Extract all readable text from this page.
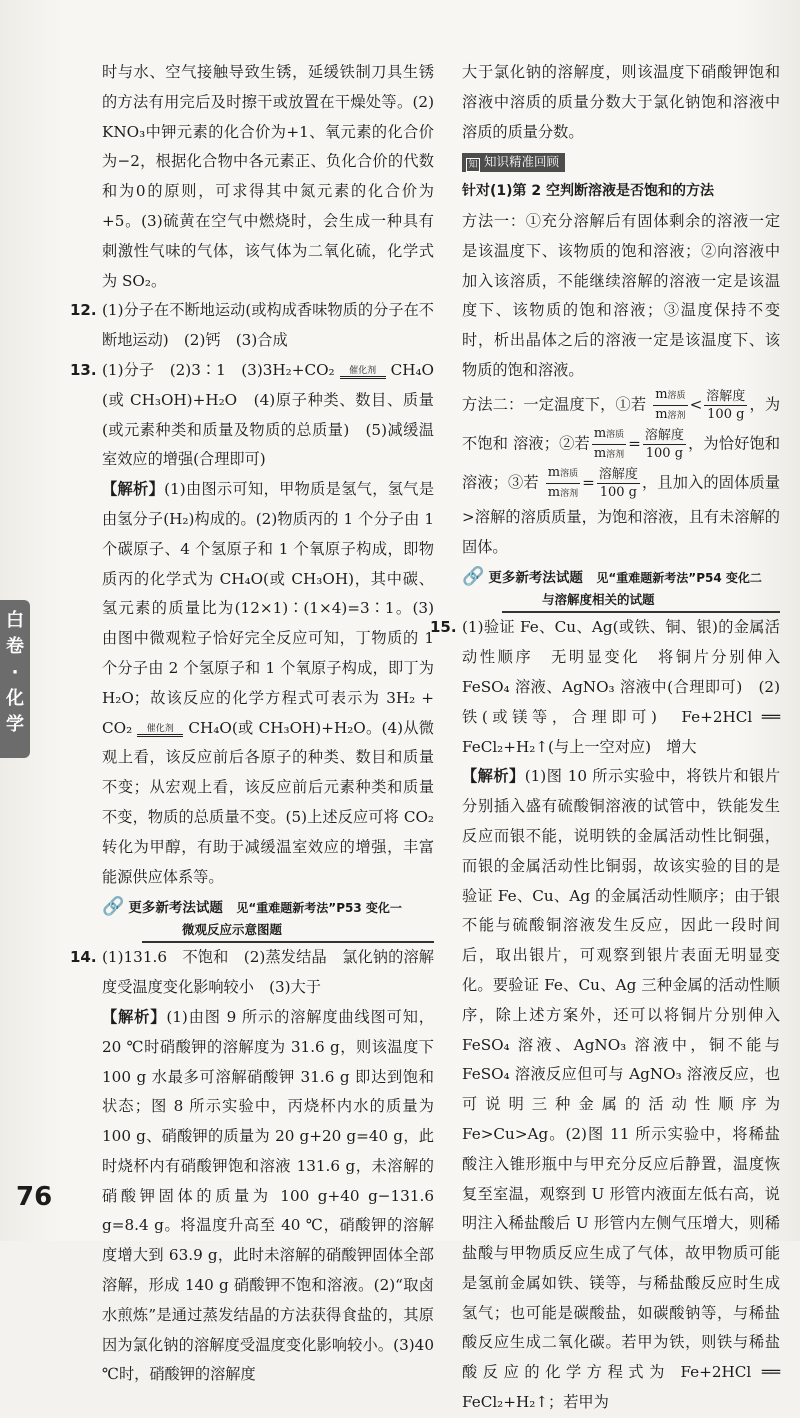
时与水、空气接触导致生锈，延缓铁制刀具生锈的方法有用完后及时擦干或放置在干燥处等。(2) KNO₃中钾元素的化合价为+1、氧元素的化合价为−2，根据化合物中各元素正、负化合价的代数和为0的原则，可求得其中氮元素的化合价为+5。(3)硫黄在空气中燃烧时，会生成一种具有刺激性气味的气体，该气体为二氧化硫，化学式为 SO₂。

12. (1)分子在不断地运动(或构成香味物质的分子在不断地运动)　(2)钙　(3)合成

13. (1)分子　(2)3∶1　(3)3H₂+CO₂	催化剂 CH₄O (或 CH₃OH)+H₂O　(4)原子种类、数目、质量(或元素种类和质量及物质的总质量)　(5)减缓温室效应的增强(合理即可)

【解析】(1)由图示可知，甲物质是氢气，氢气是由氢分子(H₂)构成的。(2)物质丙的 1 个分子由 1 个碳原子、4 个氢原子和 1 个氧原子构成，即物质丙的化学式为 CH₄O(或 CH₃OH)，其中碳、氢元素的质量比为(12×1)∶(1×4)=3∶1。(3)由图中微观粒子恰好完全反应可知，丁物质的 1 个分子由 2 个氢原子和 1 个氧原子构成，即丁为 H₂O；故该反应的化学方程式可表示为 3H₂ + CO₂	催化剂 CH₄O(或 CH₃OH)+H₂O。(4)从微观上看，该反应前后各原子的种类、数目和质量不变；从宏观上看，该反应前后元素种类和质量不变，物质的总质量不变。(5)上述反应可将 CO₂ 转化为甲醇，有助于减缓温室效应的增强，丰富能源供应体系等。

🔗 更多新考法试题　 见“重难题新考法”P53 变化一
微观反应示意图题
14. (1)131.6　不饱和　(2)蒸发结晶　氯化钠的溶解度受温度变化影响较小　(3)大于

【解析】(1)由图 9 所示的溶解度曲线图可知，20 ℃时硝酸钾的溶解度为 31.6 g，则该温度下 100 g 水最多可溶解硝酸钾 31.6 g 即达到饱和状态；图 8 所示实验中，丙烧杯内水的质量为 100 g、硝酸钾的质量为 20 g+20 g=40 g，此时烧杯内有硝酸钾饱和溶液 131.6 g，未溶解的硝酸钾固体的质量为 100 g+40 g−131.6 g=8.4 g。将温度升高至 40 ℃，硝酸钾的溶解度增大到 63.9 g，此时未溶解的硝酸钾固体全部溶解，形成 140 g 硝酸钾不饱和溶液。(2)“取卤水煎炼”是通过蒸发结晶的方法获得食盐的，其原因为氯化钠的溶解度受温度变化影响较小。(3)40 ℃时，硝酸钾的溶解度

大于氯化钠的溶解度，则该温度下硝酸钾饱和溶液中溶质的质量分数大于氯化钠饱和溶液中溶质的质量分数。

知 知识精准回顾

针对(1)第 2 空判断溶液是否饱和的方法

方法一：①充分溶解后有固体剩余的溶液一定是该温度下、该物质的饱和溶液；②向溶液中加入该溶质，不能继续溶解的溶液一定是该温度下、该物质的饱和溶液；③温度保持不变时，析出晶体之后的溶液一定是该温度下、该物质的饱和溶液。

方法二：一定温度下，①若 $\frac{\text{m溶质}}{\text{m溶剂}} < \frac{\text{溶解度}}{100 g}$ ，为不饱和 溶液；②若 $\frac{\text{m溶质}}{\text{m溶剂}} = \frac{\text{溶解度}}{100 g}$ ，为恰好饱和溶液；③若 $\frac{\text{m溶质}}{\text{m溶剂}} = \frac{\text{溶解度}}{100 g}$ ，且加入的固体质量>溶解的溶质质量，为饱和溶液，且有未溶解的固体。

🔗 更多新考法试题　 见“重难题新考法”P54 变化二
与溶解度相关的试题
15. (1)验证 Fe、Cu、Ag(或铁、铜、银)的金属活动性顺序　无明显变化　将铜片分别伸入 FeSO₄ 溶液、AgNO₃ 溶液中(合理即可)　(2)铁(或镁等，合理即可)　Fe+2HCl ══ FeCl₂+H₂↑(与上一空对应)　增大

【解析】(1)图 10 所示实验中，将铁片和银片分别插入盛有硫酸铜溶液的试管中，铁能发生反应而银不能，说明铁的金属活动性比铜强，而银的金属活动性比铜弱，故该实验的目的是验证 Fe、Cu、Ag 的金属活动性顺序；由于银不能与硫酸铜溶液发生反应，因此一段时间后，取出银片，可观察到银片表面无明显变化。要验证 Fe、Cu、Ag 三种金属的活动性顺序，除上述方案外，还可以将铜片分别伸入 FeSO₄ 溶液、AgNO₃ 溶液中，铜不能与 FeSO₄ 溶液反应但可与 AgNO₃ 溶液反应，也可说明三种金属的活动性顺序为 Fe>Cu>Ag。(2)图 11 所示实验中，将稀盐酸注入锥形瓶中与甲充分反应后静置，温度恢复至室温，观察到 U 形管内液面左低右高，说明注入稀盐酸后 U 形管内左侧气压增大，则稀盐酸与甲物质反应生成了气体，故甲物质可能是氢前金属如铁、镁等，与稀盐酸反应时生成氢气；也可能是碳酸盐，如碳酸钠等，与稀盐酸反应生成二氧化碳。若甲为铁，则铁与稀盐酸反应的化学方程式为 Fe+2HCl ══ FeCl₂+H₂↑；若甲为

白
卷
·
化
学
76
